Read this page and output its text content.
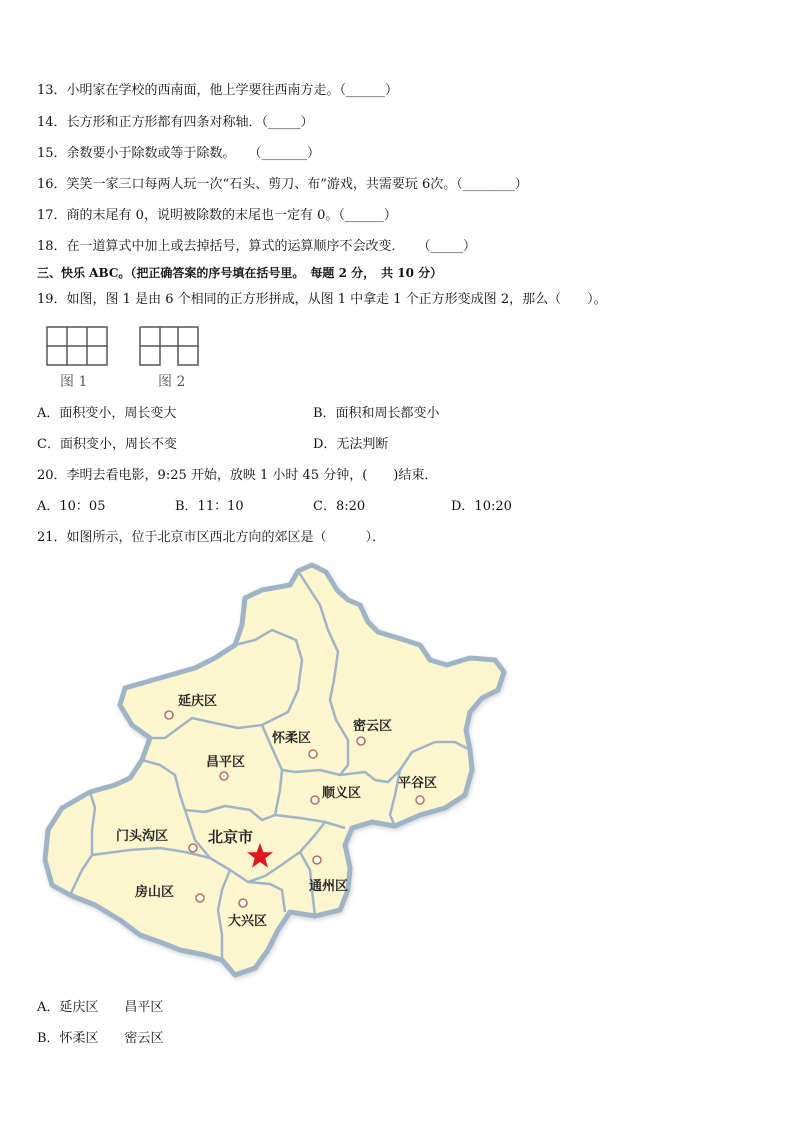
13．小明家在学校的西南面，他上学要往西南方走。（______）
14．长方形和正方形都有四条对称轴．（_____）
15．余数要小于除数或等于除数。　　（_______）
16．笑笑一家三口每两人玩一次“石头、剪刀、布”游戏，共需要玩 6次。（________）
17．商的末尾有 0，说明被除数的末尾也一定有 0。（______）
18．在一道算式中加上或去掉括号，算式的运算顺序不会改变．　　（_____）
三、快乐 ABC。（把正确答案的序号填在括号里。　每题 2 分，　共 10 分）
19．如图，图 1 是由 6 个相同的正方形拼成，从图 1 中拿走 1 个正方形变成图 2，那么（　　）。
图 1	图 2
A．面积变小，周长变大	B．面积和周长都变小
C．面积变小，周长不变	D．无法判断
20．李明去看电影，9:25 开始，放映 1 小时 45 分钟，(　　)结束．
A．10：05	B．11：10	C．8:20	D．10:20
21．如图所示，位于北京市区西北方向的郊区是（　　　）．
延庆区
怀柔区
密云区
昌平区
平谷区
顺义区
门头沟区
通州区
房山区
大兴区
北京市
A．延庆区　　昌平区
B．怀柔区　　密云区
